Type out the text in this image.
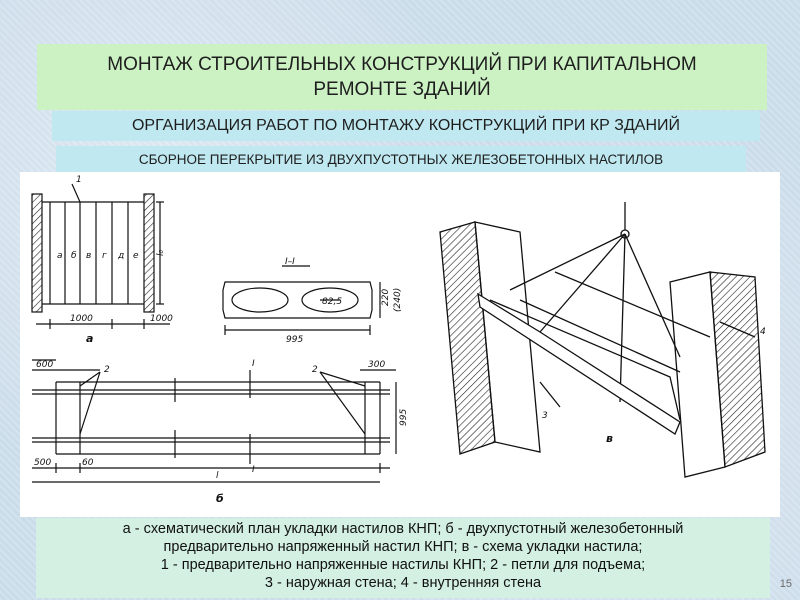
МОНТАЖ СТРОИТЕЛЬНЫХ КОНСТРУКЦИЙ ПРИ КАПИТАЛЬНОМ РЕМОНТЕ ЗДАНИЙ
ОРГАНИЗАЦИЯ РАБОТ ПО МОНТАЖУ КОНСТРУКЦИЙ ПРИ КР ЗДАНИЙ
СБОРНОЕ ПЕРЕКРЫТИЕ ИЗ ДВУХПУСТОТНЫХ ЖЕЛЕЗОБЕТОННЫХ НАСТИЛОВ
1
а б в г д е l₀
1000	1000
а
I–I
82,5	220 (240)
995
600	300
2	2
I
I
500	60
995
l
б
3
4
в
а - схематический план укладки настилов КНП; б - двухпустотный железобетонный
предварительно напряженный настил КНП; в - схема укладки настила;
1 - предварительно напряженные настилы КНП; 2 - петли для подъема;
3 - наружная стена; 4 - внутренняя стена	15
